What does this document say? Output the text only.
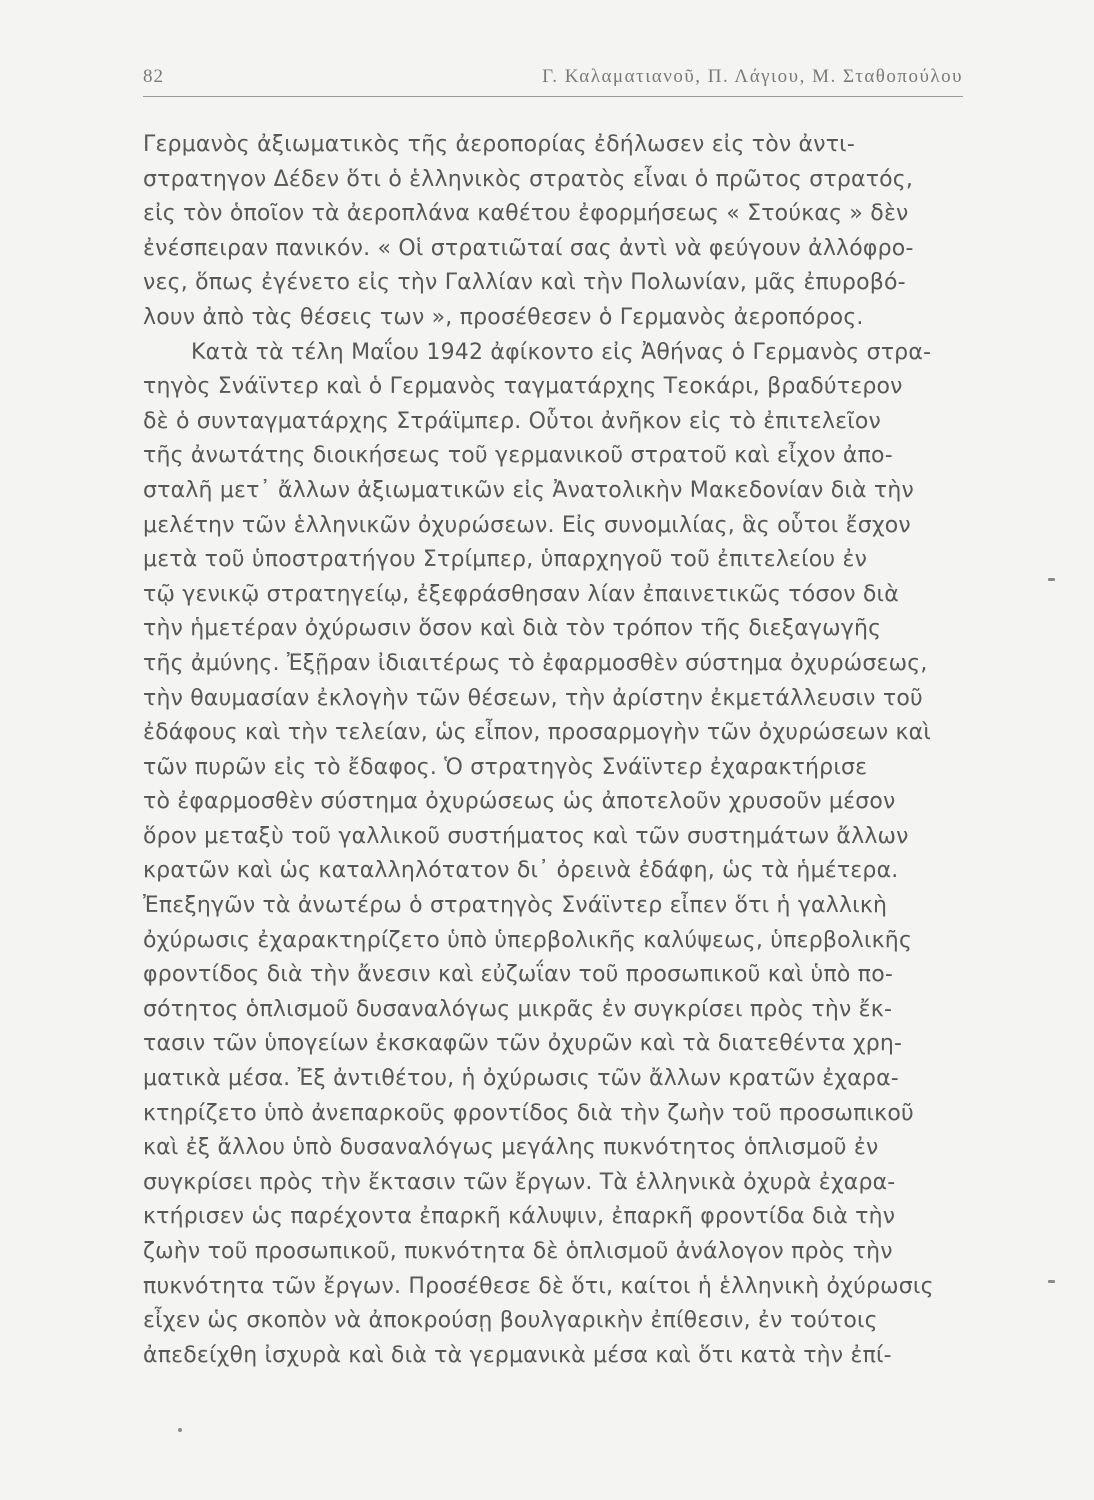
82	Γ. Καλαματιανοῦ, Π. Λάγιου, Μ. Σταθοπούλου
Γερμανὸς ἀξιωματικὸς τῆς ἀεροπορίας ἐδήλωσεν εἰς τὸν ἀντι-
στρατηγον Δέδεν ὅτι ὁ ἑλληνικὸς στρατὸς εἶναι ὁ πρῶτος στρατός,
εἰς τὸν ὁποῖον τὰ ἀεροπλάνα καθέτου ἐφορμήσεως « Στούκας » δὲν
ἐνέσπειραν πανικόν. « Οἱ στρατιῶταί σας ἀντὶ νὰ φεύγουν ἀλλόφρο-
νες, ὅπως ἐγένετο εἰς τὴν Γαλλίαν καὶ τὴν Πολωνίαν, μᾶς ἐπυροβό-
λουν ἀπὸ τὰς θέσεις των », προσέθεσεν ὁ Γερμανὸς ἀεροπόρος.
Κατὰ τὰ τέλη Μαΐου 1942 ἀφίκοντο εἰς Ἀθήνας ὁ Γερμανὸς στρα-
τηγὸς Σνάϊντερ καὶ ὁ Γερμανὸς ταγματάρχης Τεοκάρι, βραδύτερον
δὲ ὁ συνταγματάρχης Στράϊμπερ. Οὗτοι ἀνῆκον εἰς τὸ ἐπιτελεῖον
τῆς ἀνωτάτης διοικήσεως τοῦ γερμανικοῦ στρατοῦ καὶ εἶχον ἀπο-
σταλῆ μετ᾽ ἄλλων ἀξιωματικῶν εἰς Ἀνατολικὴν Μακεδονίαν διὰ τὴν
μελέτην τῶν ἑλληνικῶν ὀχυρώσεων. Εἰς συνομιλίας, ἃς οὗτοι ἔσχον
μετὰ τοῦ ὑποστρατήγου Στρίμπερ, ὑπαρχηγοῦ τοῦ ἐπιτελείου ἐν
τῷ γενικῷ στρατηγείῳ, ἐξεφράσθησαν λίαν ἐπαινετικῶς τόσον διὰ
τὴν ἡμετέραν ὀχύρωσιν ὅσον καὶ διὰ τὸν τρόπον τῆς διεξαγωγῆς
τῆς ἀμύνης. Ἐξῇραν ἰδιαιτέρως τὸ ἐφαρμοσθὲν σύστημα ὀχυρώσεως,
τὴν θαυμασίαν ἐκλογὴν τῶν θέσεων, τὴν ἀρίστην ἐκμετάλλευσιν τοῦ
ἐδάφους καὶ τὴν τελείαν, ὡς εἶπον, προσαρμογὴν τῶν ὀχυρώσεων καὶ
τῶν πυρῶν εἰς τὸ ἔδαφος. Ὁ στρατηγὸς Σνάϊντερ ἐχαρακτήρισε
τὸ ἐφαρμοσθὲν σύστημα ὀχυρώσεως ὡς ἀποτελοῦν χρυσοῦν μέσον
ὅρον μεταξὺ τοῦ γαλλικοῦ συστήματος καὶ τῶν συστημάτων ἄλλων
κρατῶν καὶ ὡς καταλληλότατον δι᾽ ὀρεινὰ ἐδάφη, ὡς τὰ ἡμέτερα.
Ἐπεξηγῶν τὰ ἀνωτέρω ὁ στρατηγὸς Σνάϊντερ εἶπεν ὅτι ἡ γαλλικὴ
ὀχύρωσις ἐχαρακτηρίζετο ὑπὸ ὑπερβολικῆς καλύψεως, ὑπερβολικῆς
φροντίδος διὰ τὴν ἄνεσιν καὶ εὐζωΐαν τοῦ προσωπικοῦ καὶ ὑπὸ πο-
σότητος ὁπλισμοῦ δυσαναλόγως μικρᾶς ἐν συγκρίσει πρὸς τὴν ἔκ-
τασιν τῶν ὑπογείων ἐκσκαφῶν τῶν ὀχυρῶν καὶ τὰ διατεθέντα χρη-
ματικὰ μέσα. Ἐξ ἀντιθέτου, ἡ ὀχύρωσις τῶν ἄλλων κρατῶν ἐχαρα-
κτηρίζετο ὑπὸ ἀνεπαρκοῦς φροντίδος διὰ τὴν ζωὴν τοῦ προσωπικοῦ
καὶ ἐξ ἄλλου ὑπὸ δυσαναλόγως μεγάλης πυκνότητος ὁπλισμοῦ ἐν
συγκρίσει πρὸς τὴν ἔκτασιν τῶν ἔργων. Τὰ ἑλληνικὰ ὀχυρὰ ἐχαρα-
κτήρισεν ὡς παρέχοντα ἐπαρκῆ κάλυψιν, ἐπαρκῆ φροντίδα διὰ τὴν
ζωὴν τοῦ προσωπικοῦ, πυκνότητα δὲ ὁπλισμοῦ ἀνάλογον πρὸς τὴν
πυκνότητα τῶν ἔργων. Προσέθεσε δὲ ὅτι, καίτοι ἡ ἑλληνικὴ ὀχύρωσις
εἶχεν ὡς σκοπὸν νὰ ἀποκρούσῃ βουλγαρικὴν ἐπίθεσιν, ἐν τούτοις
ἀπεδείχθη ἰσχυρὰ καὶ διὰ τὰ γερμανικὰ μέσα καὶ ὅτι κατὰ τὴν ἐπί-
